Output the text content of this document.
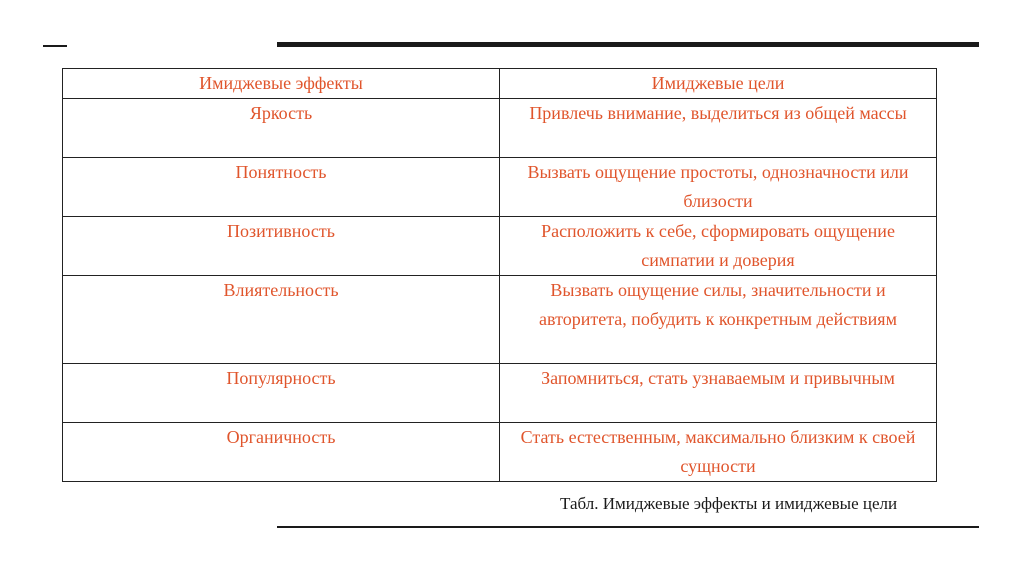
Имиджевые эффекты	Имиджевые цели
Яркость	Привлечь внимание, выделиться из общей массы
Понятность	Вызвать ощущение простоты, однозначности или близости
Позитивность	Расположить к себе, сформировать ощущение симпатии и доверия
Влиятельность	Вызвать ощущение силы, значительности и авторитета, побудить к конкретным действиям
Популярность	Запомниться, стать узнаваемым и привычным
Органичность	Стать естественным, максимально близким к своей сущности
Табл. Имиджевые эффекты и имиджевые цели
